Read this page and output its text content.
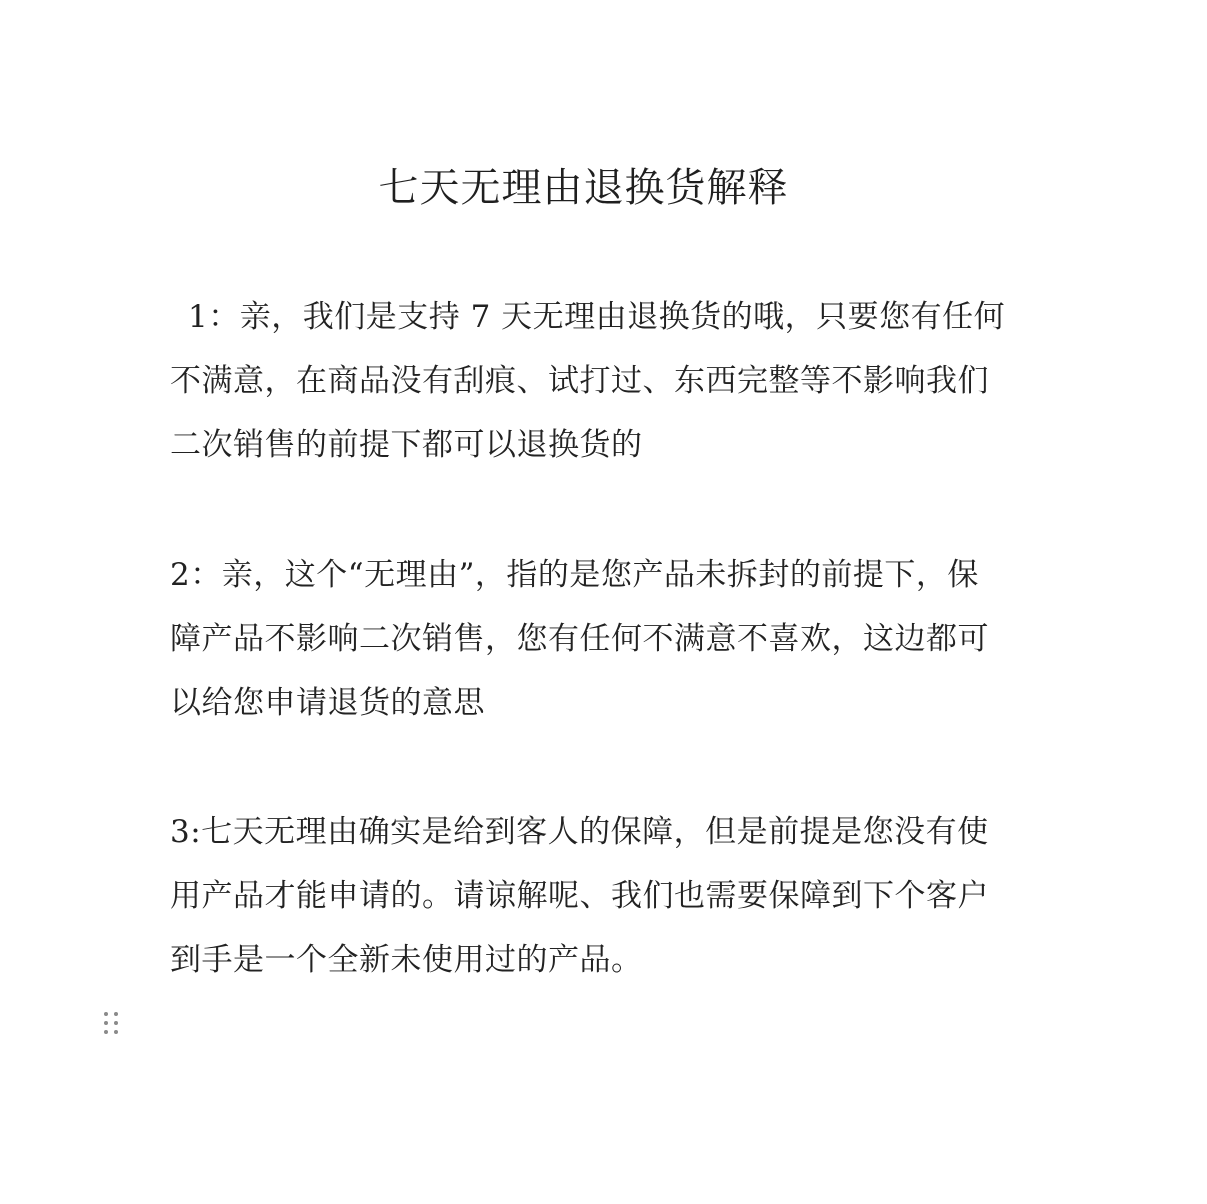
七天无理由退换货解释
1：亲，我们是支持 7 天无理由退换货的哦，只要您有任何
不满意，在商品没有刮痕、试打过、东西完整等不影响我们
二次销售的前提下都可以退换货的
2：亲，这个“无理由”，指的是您产品未拆封的前提下，保
障产品不影响二次销售，您有任何不满意不喜欢，这边都可
以给您申请退货的意思
3:七天无理由确实是给到客人的保障，但是前提是您没有使
用产品才能申请的。请谅解呢、我们也需要保障到下个客户
到手是一个全新未使用过的产品。
